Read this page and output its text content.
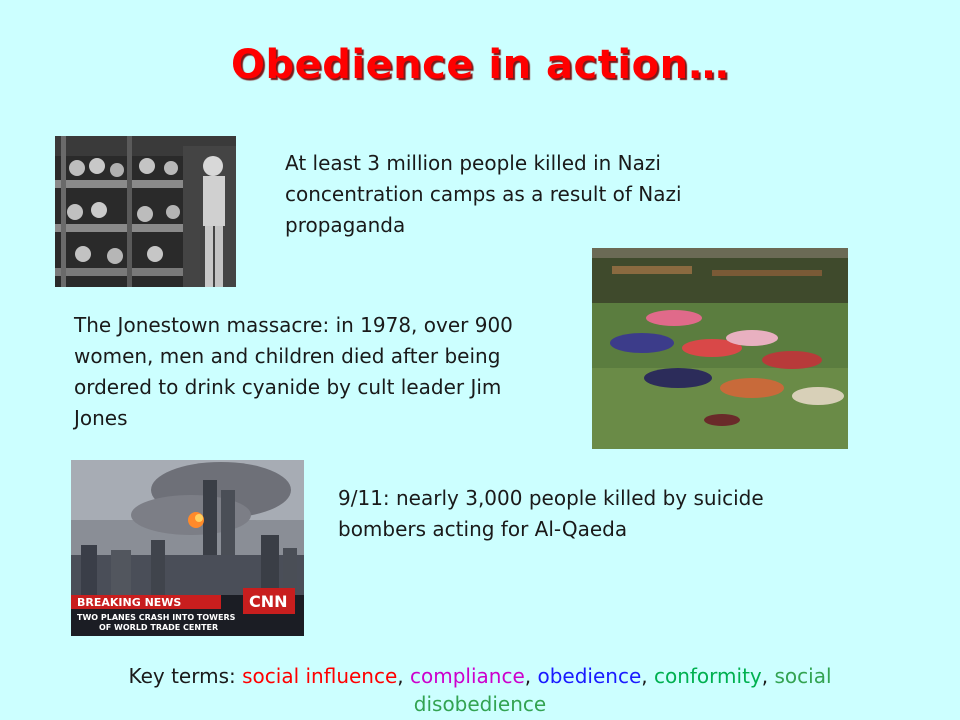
Obedience in action…
At least 3 million people killed in Nazi concentration camps as a result of Nazi propaganda
The Jonestown massacre: in 1978, over 900 women, men and children died after being ordered to drink cyanide by cult leader Jim Jones
BREAKING NEWS
TWO PLANES CRASH INTO TOWERS
OF WORLD TRADE CENTER
CNN
9/11: nearly 3,000 people killed by suicide bombers acting for Al-Qaeda
Key terms: social influence, compliance, obedience, conformity, social disobedience
